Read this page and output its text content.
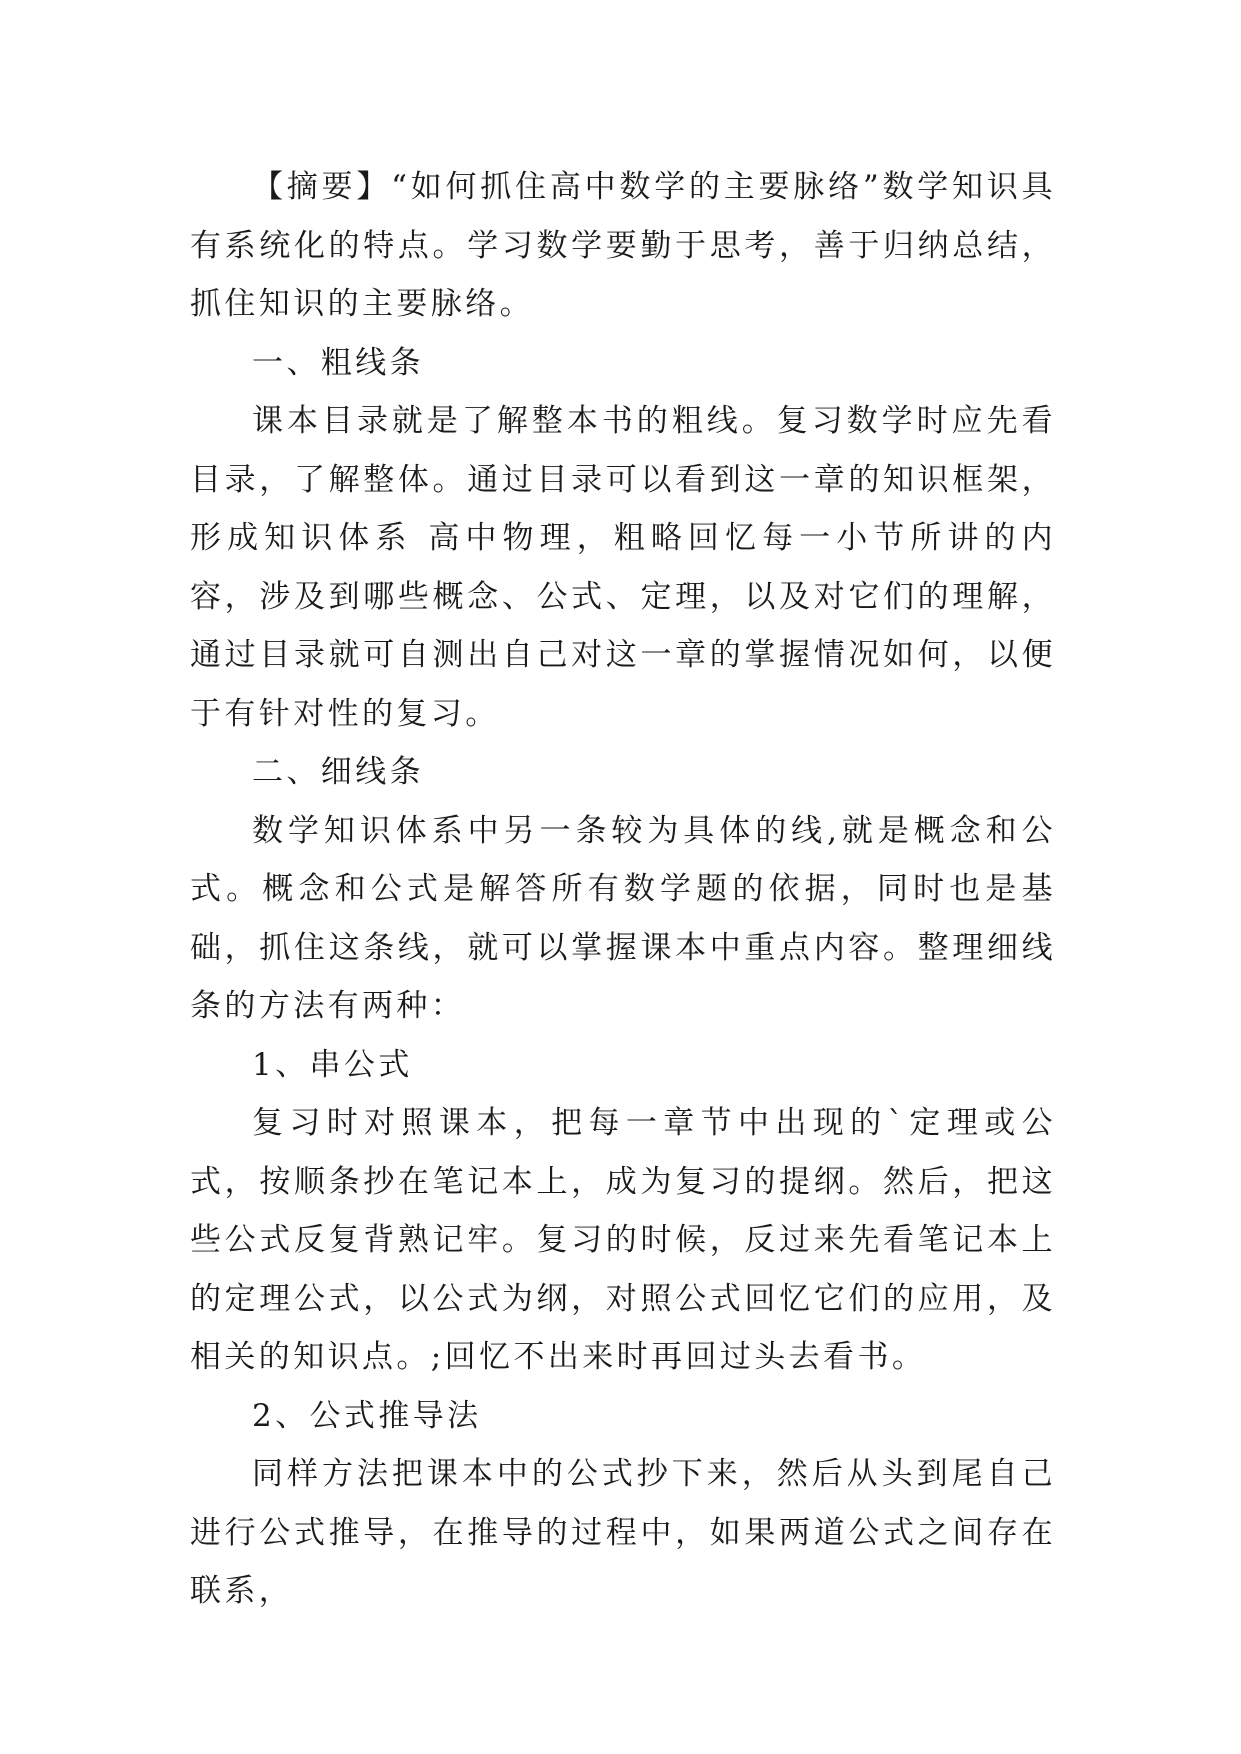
【摘要】“如何抓住高中数学的主要脉络”数学知识具有系统化的特点。学习数学要勤于思考，善于归纳总结，抓住知识的主要脉络。

一、粗线条

课本目录就是了解整本书的粗线。复习数学时应先看目录，了解整体。通过目录可以看到这一章的知识框架，形成知识体系 高中物理，粗略回忆每一小节所讲的内容，涉及到哪些概念、公式、定理，以及对它们的理解，通过目录就可自测出自己对这一章的掌握情况如何，以便于有针对性的复习。

二、细线条

数学知识体系中另一条较为具体的线,就是概念和公式。概念和公式是解答所有数学题的依据，同时也是基础，抓住这条线，就可以掌握课本中重点内容。整理细线条的方法有两种：

1、串公式

复习时对照课本，把每一章节中出现的`定理或公式，按顺条抄在笔记本上，成为复习的提纲。然后，把这些公式反复背熟记牢。复习的时候，反过来先看笔记本上的定理公式，以公式为纲，对照公式回忆它们的应用，及相关的知识点。;回忆不出来时再回过头去看书。

2、公式推导法

同样方法把课本中的公式抄下来，然后从头到尾自己进行公式推导，在推导的过程中，如果两道公式之间存在联系，
